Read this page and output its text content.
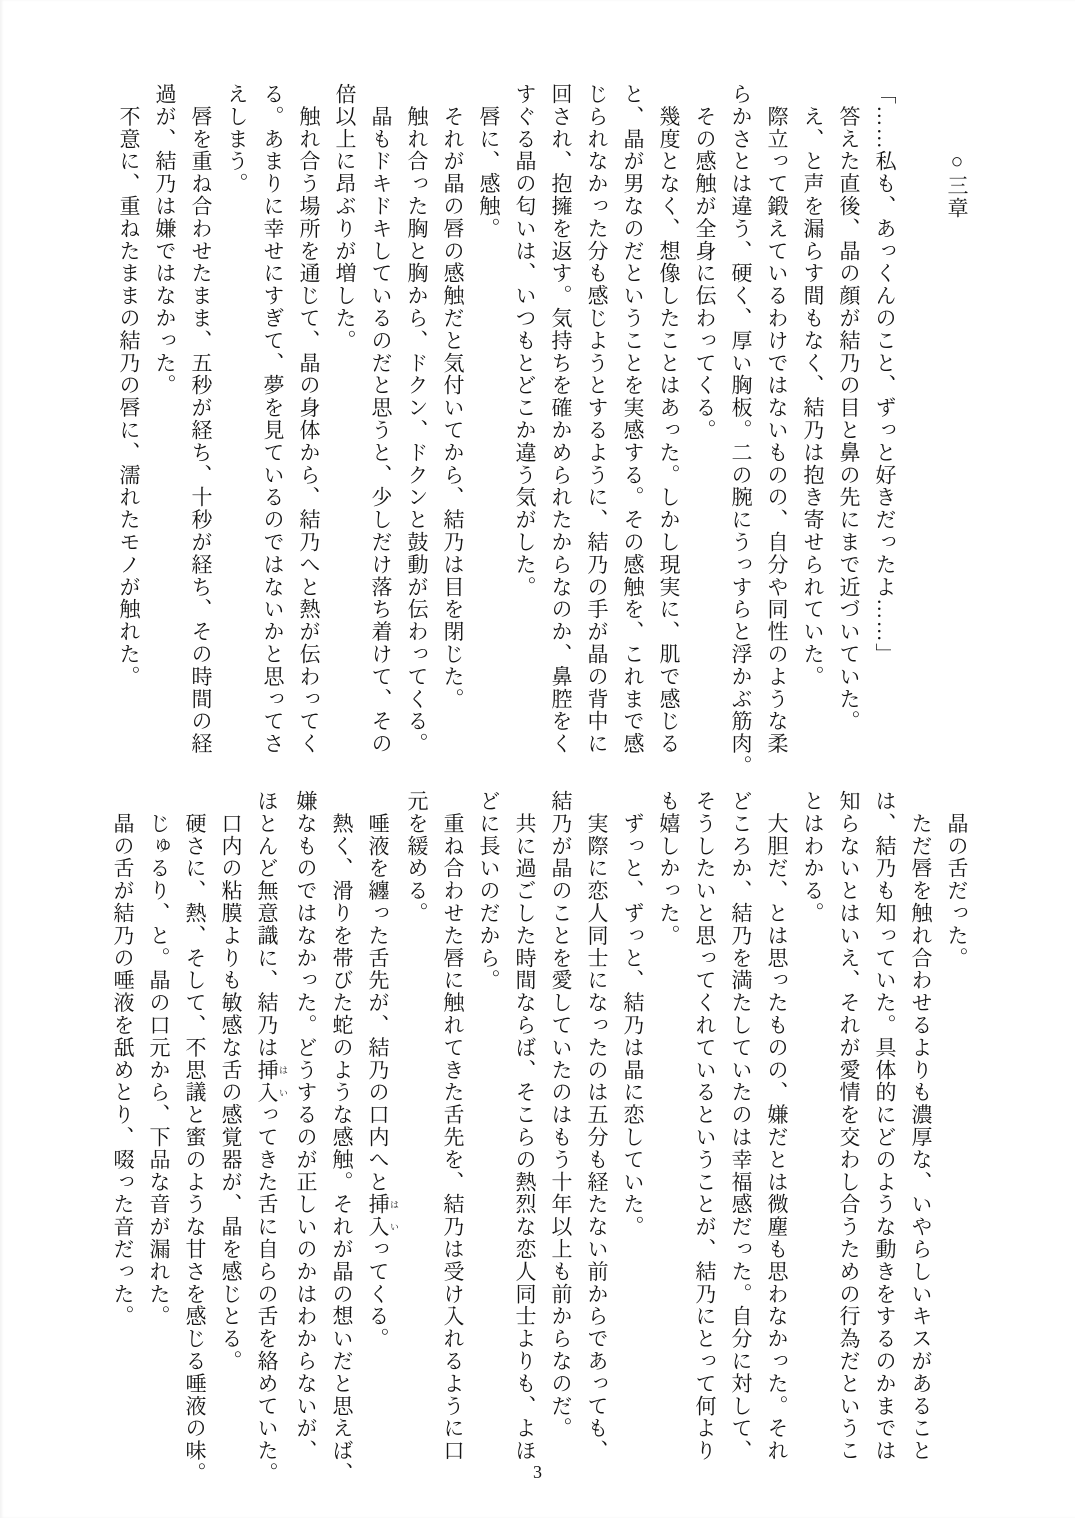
○三章
「……私も、あっくんのこと、ずっと好きだったよ……」
　答えた直後、晶の顔が結乃の目と鼻の先にまで近づいていた。
　え、と声を漏らす間もなく、結乃は抱き寄せられていた。
　際立って鍛えているわけではないものの、自分や同性のような柔
らかさとは違う、硬く、厚い胸板。二の腕にうっすらと浮かぶ筋肉。
　その感触が全身に伝わってくる。
　幾度となく、想像したことはあった。しかし現実に、肌で感じる
と、晶が男なのだということを実感する。その感触を、これまで感
じられなかった分も感じようとするように、結乃の手が晶の背中に
回され、抱擁を返す。気持ちを確かめられたからなのか、鼻腔をく
すぐる晶の匂いは、いつもとどこか違う気がした。
　唇に、感触。
　それが晶の唇の感触だと気付いてから、結乃は目を閉じた。
　触れ合った胸と胸から、ドクン、ドクンと鼓動が伝わってくる。
　晶もドキドキしているのだと思うと、少しだけ落ち着けて、その
倍以上に昂ぶりが増した。
　触れ合う場所を通じて、晶の身体から、結乃へと熱が伝わってく
る。あまりに幸せにすぎて、夢を見ているのではないかと思ってさ
えしまう。
　唇を重ね合わせたまま、五秒が経ち、十秒が経ち、その時間の経
過が、結乃は嫌ではなかった。
　不意に、重ねたままの結乃の唇に、濡れたモノが触れた。
　晶の舌だった。
　ただ唇を触れ合わせるよりも濃厚な、いやらしいキスがあること
は、結乃も知っていた。具体的にどのような動きをするのかまでは
知らないとはいえ、それが愛情を交わし合うための行為だというこ
とはわかる。
　大胆だ、とは思ったものの、嫌だとは微塵も思わなかった。それ
どころか、結乃を満たしていたのは幸福感だった。自分に対して、
そうしたいと思ってくれているということが、結乃にとって何より
も嬉しかった。
　ずっと、ずっと、結乃は晶に恋していた。
　実際に恋人同士になったのは五分も経たない前からであっても、
結乃が晶のことを愛していたのはもう十年以上も前からなのだ。
　共に過ごした時間ならば、そこらの熱烈な恋人同士よりも、よほ
どに長いのだから。
　重ね合わせた唇に触れてきた舌先を、結乃は受け入れるように口
元を緩める。
　唾液を纏った舌先が、結乃の口内へと挿入 はいってくる。
　熱く、滑りを帯びた蛇のような感触。それが晶の想いだと思えば、
嫌なものではなかった。どうするのが正しいのかはわからないが、
ほとんど無意識に、結乃は挿入 はいってきた舌に自らの舌を絡めていた。
　口内の粘膜よりも敏感な舌の感覚器が、晶を感じとる。
　硬さに、熱、そして、不思議と蜜のような甘さを感じる唾液の味。
　じゅるり、と。晶の口元から、下品な音が漏れた。
　晶の舌が結乃の唾液を舐めとり、啜った音だった。
3
